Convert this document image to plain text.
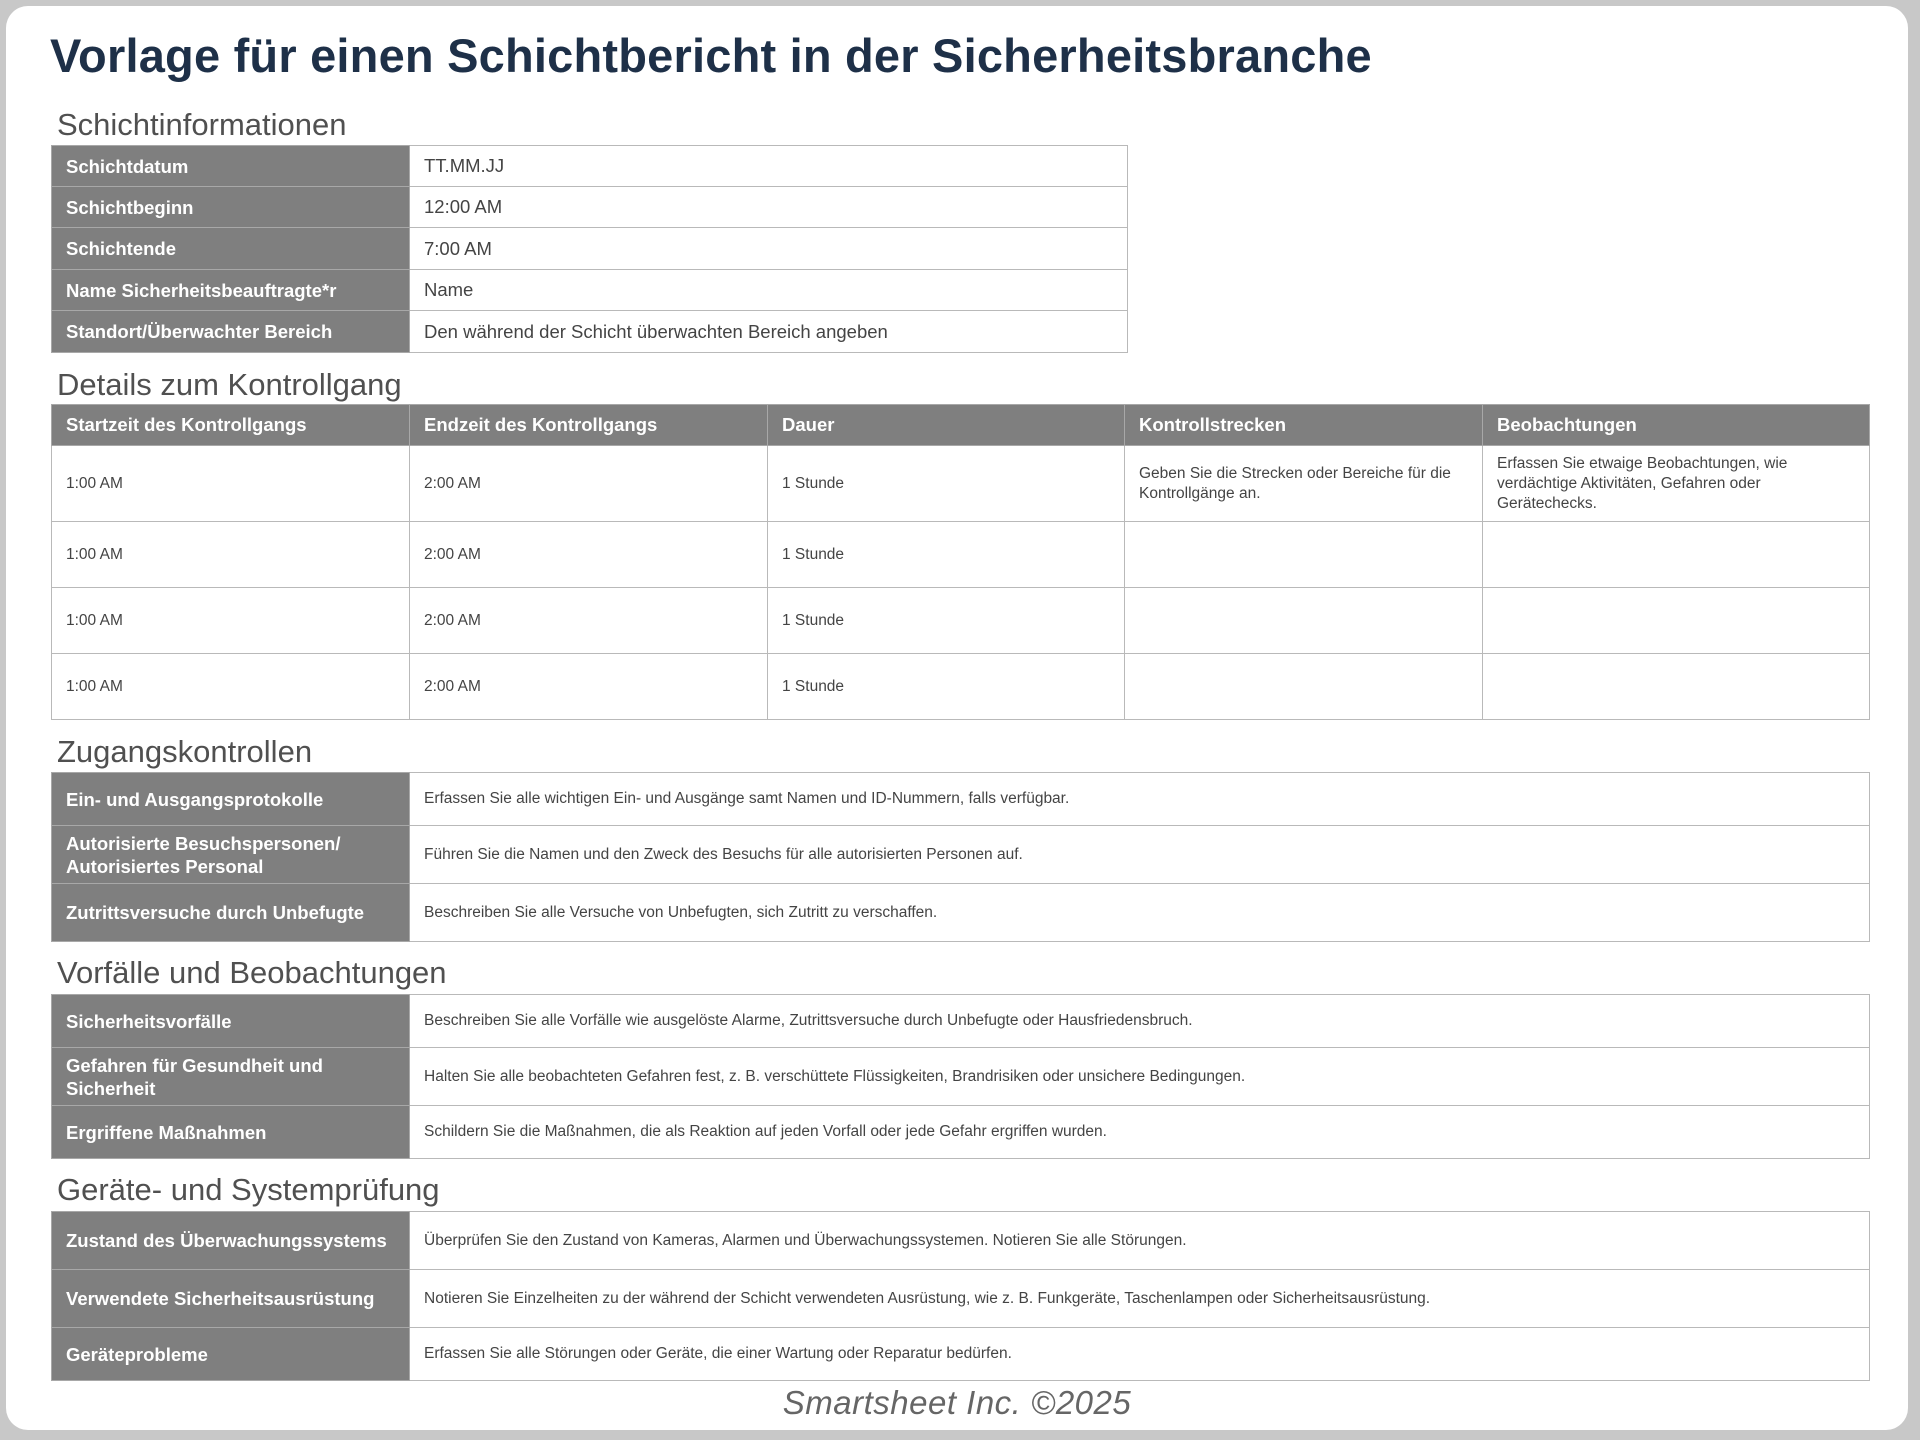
Vorlage für einen Schichtbericht in der Sicherheitsbranche
Schichtinformationen
Schichtdatum	TT.MM.JJ
Schichtbeginn	12:00 AM
Schichtende	7:00 AM
Name Sicherheitsbeauftragte*r	Name
Standort/Überwachter Bereich	Den während der Schicht überwachten Bereich angeben
Details zum Kontrollgang
Startzeit des Kontrollgangs	Endzeit des Kontrollgangs	Dauer	Kontrollstrecken	Beobachtungen
1:00 AM	2:00 AM	1 Stunde	Geben Sie die Strecken oder Bereiche für die Kontrollgänge an.	Erfassen Sie etwaige Beobachtungen, wie verdächtige Aktivitäten, Gefahren oder Gerätechecks.
1:00 AM	2:00 AM	1 Stunde		
1:00 AM	2:00 AM	1 Stunde		
1:00 AM	2:00 AM	1 Stunde		
Zugangskontrollen
Ein- und Ausgangsprotokolle	Erfassen Sie alle wichtigen Ein- und Ausgänge samt Namen und ID-Nummern, falls verfügbar.
Autorisierte Besuchspersonen/ Autorisiertes Personal	Führen Sie die Namen und den Zweck des Besuchs für alle autorisierten Personen auf.
Zutrittsversuche durch Unbefugte	Beschreiben Sie alle Versuche von Unbefugten, sich Zutritt zu verschaffen.
Vorfälle und Beobachtungen
Sicherheitsvorfälle	Beschreiben Sie alle Vorfälle wie ausgelöste Alarme, Zutrittsversuche durch Unbefugte oder Hausfriedensbruch.
Gefahren für Gesundheit und Sicherheit	Halten Sie alle beobachteten Gefahren fest, z. B. verschüttete Flüssigkeiten, Brandrisiken oder unsichere Bedingungen.
Ergriffene Maßnahmen	Schildern Sie die Maßnahmen, die als Reaktion auf jeden Vorfall oder jede Gefahr ergriffen wurden.
Geräte- und Systemprüfung
Zustand des Überwachungssystems	Überprüfen Sie den Zustand von Kameras, Alarmen und Überwachungssystemen. Notieren Sie alle Störungen.
Verwendete Sicherheitsausrüstung	Notieren Sie Einzelheiten zu der während der Schicht verwendeten Ausrüstung, wie z. B. Funkgeräte, Taschenlampen oder Sicherheitsausrüstung.
Geräteprobleme	Erfassen Sie alle Störungen oder Geräte, die einer Wartung oder Reparatur bedürfen.
Smartsheet Inc. ©2025
